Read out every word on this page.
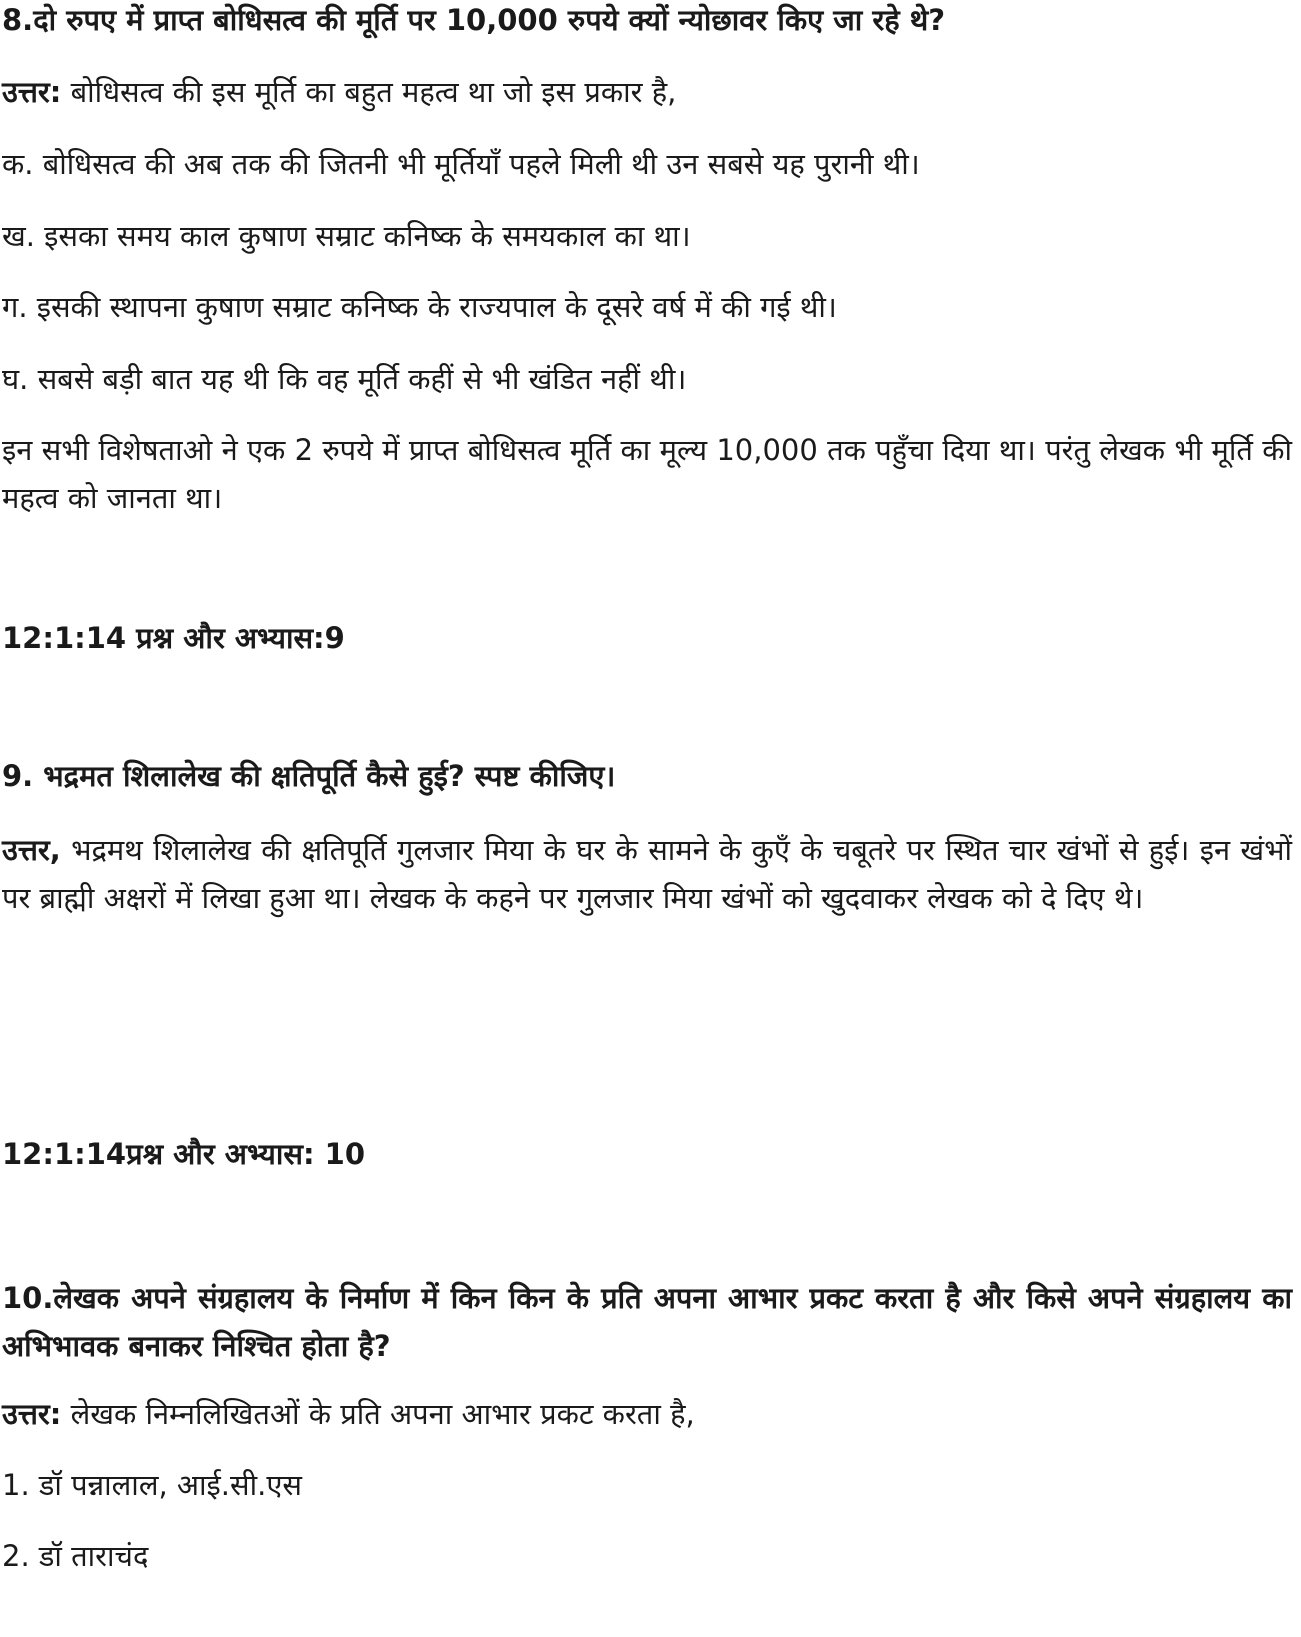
8.दो रुपए में प्राप्त बोधिसत्व की मूर्ति पर 10,000 रुपये क्यों न्योछावर किए जा रहे थे?

उत्तर: बोधिसत्व की इस मूर्ति का बहुत महत्व था जो इस प्रकार है,

क. बोधिसत्व की अब तक की जितनी भी मूर्तियाँ पहले मिली थी उन सबसे यह पुरानी थी।

ख. इसका समय काल कुषाण सम्राट कनिष्क के समयकाल का था।

ग. इसकी स्थापना कुषाण सम्राट कनिष्क के राज्यपाल के दूसरे वर्ष में की गई थी।

घ. सबसे बड़ी बात यह थी कि वह मूर्ति कहीं से भी खंडित नहीं थी।

इन सभी विशेषताओ ने एक 2 रुपये में प्राप्त बोधिसत्व मूर्ति का मूल्य 10,000 तक पहुँचा दिया था। परंतु लेखक भी मूर्ति की महत्व को जानता था।

12:1:14 प्रश्न और अभ्यास:9

9. भद्रमत शिलालेख की क्षतिपूर्ति कैसे हुई? स्पष्ट कीजिए।

उत्तर, भद्रमथ शिलालेख की क्षतिपूर्ति गुलजार मिया के घर के सामने के कुएँ के चबूतरे पर स्थित चार खंभों से हुई। इन खंभों पर ब्राह्मी अक्षरों में लिखा हुआ था। लेखक के कहने पर गुलजार मिया खंभों को खुदवाकर लेखक को दे दिए थे।

12:1:14प्रश्न और अभ्यास: 10

10.लेखक अपने संग्रहालय के निर्माण में किन किन के प्रति अपना आभार प्रकट करता है और किसे अपने संग्रहालय का अभिभावक बनाकर निश्चित होता है?

उत्तर: लेखक निम्नलिखितओं के प्रति अपना आभार प्रकट करता है,

1. डॉ पन्नालाल, आई.सी.एस

2. डॉ ताराचंद
